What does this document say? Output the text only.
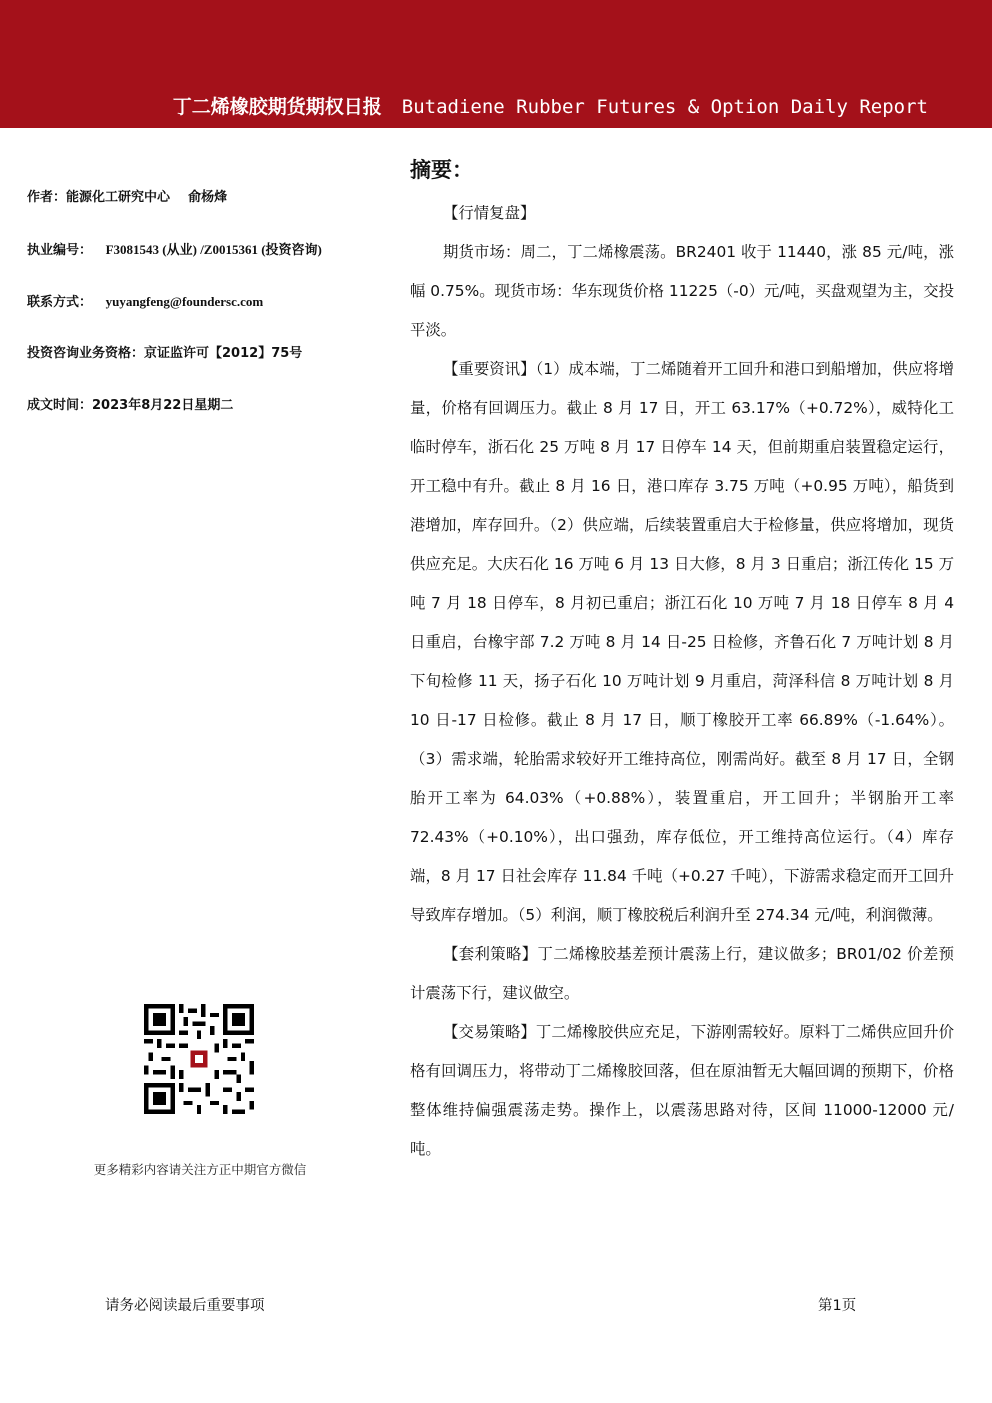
丁二烯橡胶期货期权日报 Butadiene Rubber Futures & Option Daily Report
作者：能源化工研究中心    俞杨烽
执业编号： F3081543 (从业) /Z0015361 (投资咨询)
联系方式： yuyangfeng@foundersc.com
投资咨询业务资格：京证监许可【2012】75号
成文时间：2023年8月22日星期二
更多精彩内容请关注方正中期官方微信
摘要：

【行情复盘】

期货市场：周二，丁二烯橡震荡。BR2401 收于 11440，涨 85 元/吨，涨幅 0.75%。现货市场：华东现货价格 11225（-0）元/吨，买盘观望为主，交投平淡。

【重要资讯】（1）成本端，丁二烯随着开工回升和港口到船增加，供应将增量，价格有回调压力。截止 8 月 17 日，开工 63.17%（+0.72%），威特化工临时停车，浙石化 25 万吨 8 月 17 日停车 14 天，但前期重启装置稳定运行，开工稳中有升。截止 8 月 16 日，港口库存 3.75 万吨（+0.95 万吨），船货到港增加，库存回升。（2）供应端，后续装置重启大于检修量，供应将增加，现货供应充足。大庆石化 16 万吨 6 月 13 日大修，8 月 3 日重启；浙江传化 15 万吨 7 月 18 日停车，8 月初已重启；浙江石化 10 万吨 7 月 18 日停车 8 月 4 日重启，台橡宇部 7.2 万吨 8 月 14 日-25 日检修，齐鲁石化 7 万吨计划 8 月下旬检修 11 天，扬子石化 10 万吨计划 9 月重启，菏泽科信 8 万吨计划 8 月 10 日-17 日检修。截止 8 月 17 日，顺丁橡胶开工率 66.89%（-1.64%）。（3）需求端，轮胎需求较好开工维持高位，刚需尚好。截至 8 月 17 日，全钢胎开工率为 64.03%（+0.88%），装置重启，开工回升；半钢胎开工率 72.43%（+0.10%），出口强劲，库存低位，开工维持高位运行。（4）库存端，8 月 17 日社会库存 11.84 千吨（+0.27 千吨），下游需求稳定而开工回升导致库存增加。（5）利润，顺丁橡胶税后利润升至 274.34 元/吨，利润微薄。

【套利策略】丁二烯橡胶基差预计震荡上行，建议做多；BR01/02 价差预计震荡下行，建议做空。

【交易策略】丁二烯橡胶供应充足，下游刚需较好。原料丁二烯供应回升价格有回调压力，将带动丁二烯橡胶回落，但在原油暂无大幅回调的预期下，价格整体维持偏强震荡走势。操作上，以震荡思路对待，区间 11000-12000 元/吨。

请务必阅读最后重要事项	第1页
